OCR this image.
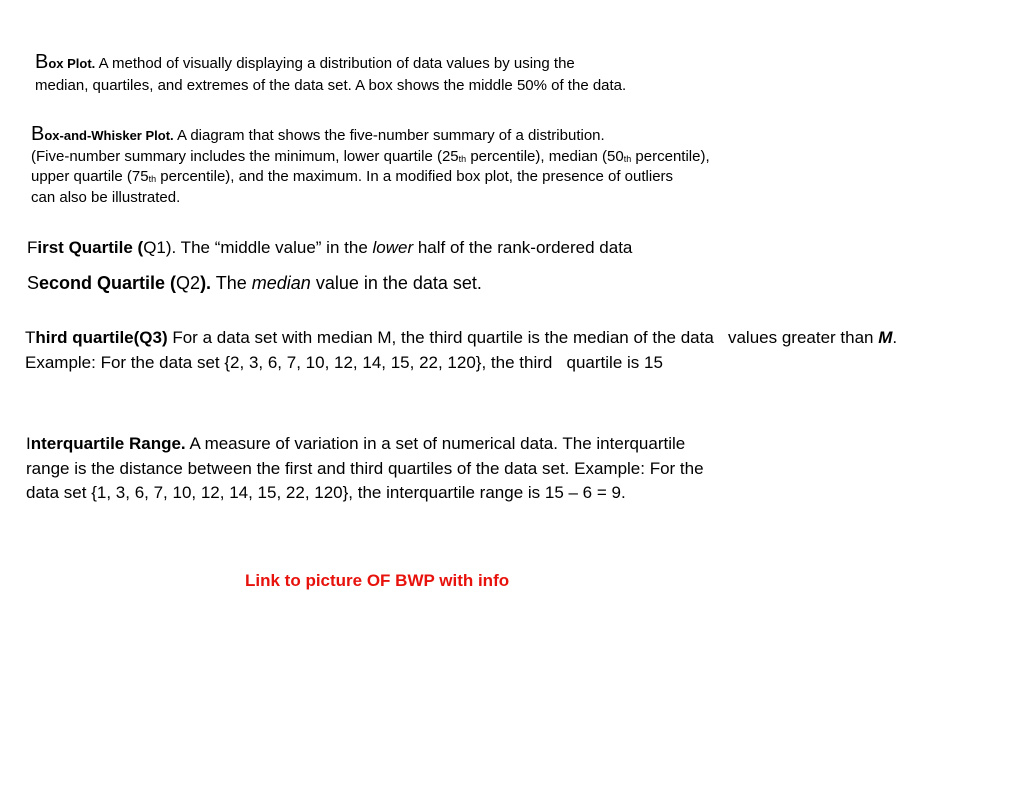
Box Plot. A method of visually displaying a distribution of data values by using the
median, quartiles, and extremes of the data set. A box shows the middle 50% of the data.
Box-and-Whisker Plot. A diagram that shows the five-number summary of a distribution.
(Five-number summary includes the minimum, lower quartile ($25_{th}$ percentile), median ($50_{th}$ percentile),
upper quartile ($75_{th}$ percentile), and the maximum. In a modified box plot, the presence of outliers
can also be illustrated.
First Quartile (Q1). The “middle value” in the lower half of the rank-ordered data
Second Quartile (Q2). The median value in the data set.
Third quartile(Q3) For a data set with median M, the third quartile is the median of the data   values greater than M.
Example: For the data set {2, 3, 6, 7, 10, 12, 14, 15, 22, 120}, the third   quartile is 15
Interquartile Range. A measure of variation in a set of numerical data. The interquartile
range is the distance between the first and third quartiles of the data set. Example: For the
data set {1, 3, 6, 7, 10, 12, 14, 15, 22, 120}, the interquartile range is 15 – 6 = 9.
Link to picture OF BWP with info
